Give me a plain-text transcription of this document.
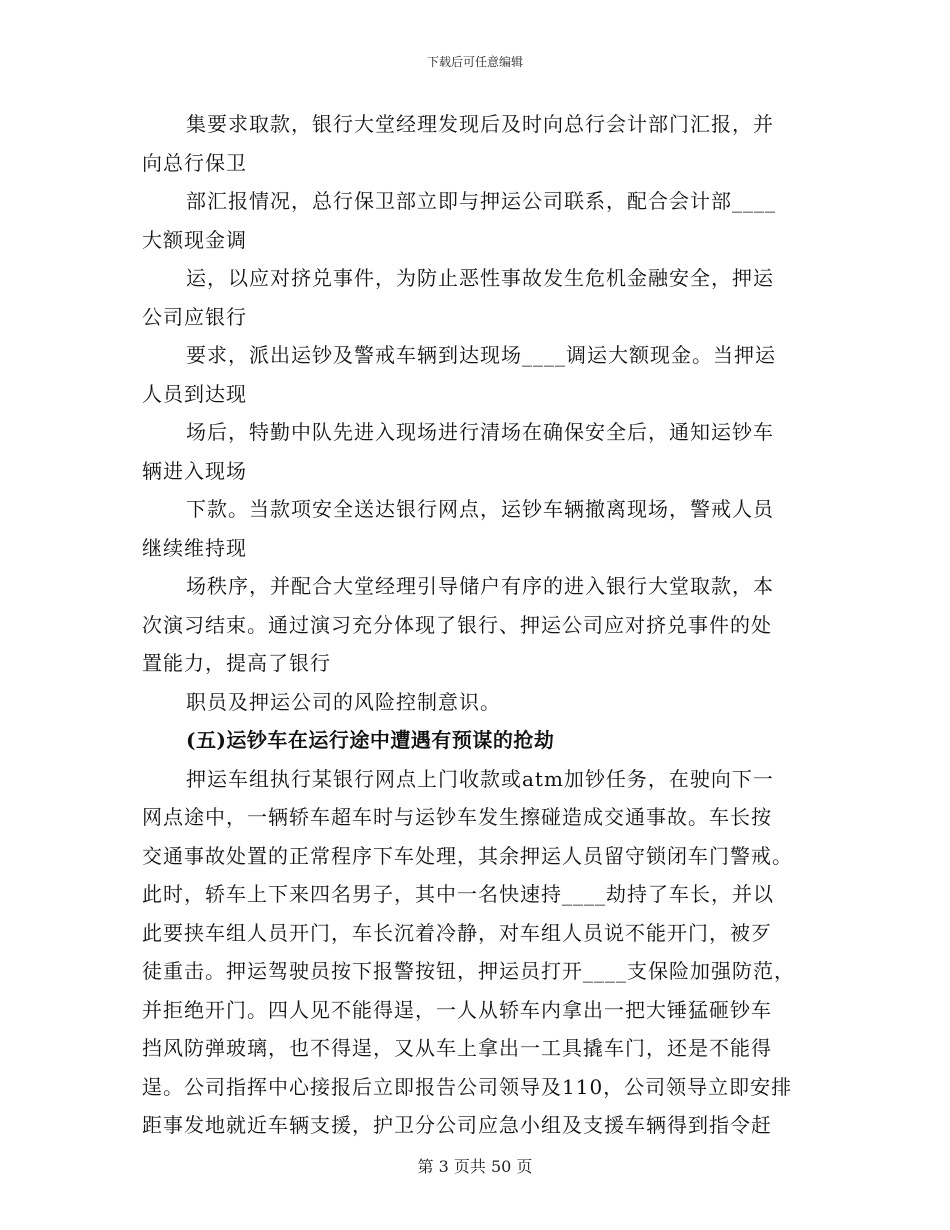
下载后可任意编辑
集要求取款，银行大堂经理发现后及时向总行会计部门汇报，并
向总行保卫
部汇报情况，总行保卫部立即与押运公司联系，配合会计部____
大额现金调
运，以应对挤兑事件，为防止恶性事故发生危机金融安全，押运
公司应银行
要求，派出运钞及警戒车辆到达现场____调运大额现金。当押运
人员到达现
场后，特勤中队先进入现场进行清场在确保安全后，通知运钞车
辆进入现场
下款。当款项安全送达银行网点，运钞车辆撤离现场，警戒人员
继续维持现
场秩序，并配合大堂经理引导储户有序的进入银行大堂取款，本
次演习结束。通过演习充分体现了银行、押运公司应对挤兑事件的处
置能力，提高了银行
职员及押运公司的风险控制意识。
(五)运钞车在运行途中遭遇有预谋的抢劫
押运车组执行某银行网点上门收款或atm加钞任务，在驶向下一
网点途中，一辆轿车超车时与运钞车发生擦碰造成交通事故。车长按
交通事故处置的正常程序下车处理，其余押运人员留守锁闭车门警戒。
此时，轿车上下来四名男子，其中一名快速持____劫持了车长，并以
此要挟车组人员开门，车长沉着冷静，对车组人员说不能开门，被歹
徒重击。押运驾驶员按下报警按钮，押运员打开____支保险加强防范，
并拒绝开门。四人见不能得逞，一人从轿车内拿出一把大锤猛砸钞车
挡风防弹玻璃，也不得逞，又从车上拿出一工具撬车门，还是不能得
逞。公司指挥中心接报后立即报告公司领导及110，公司领导立即安排
距事发地就近车辆支援，护卫分公司应急小组及支援车辆得到指令赶
第 3 页共 50 页
